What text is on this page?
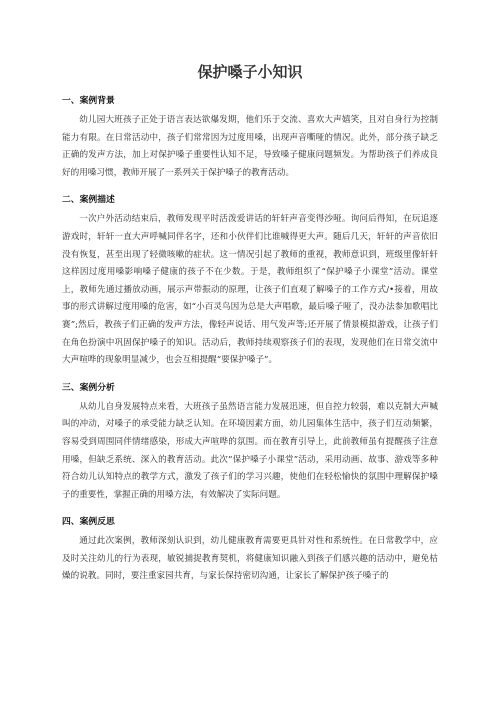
保护嗓子小知识
一、案例背景

幼儿园大班孩子正处于语言表达欲爆发期，他们乐于交流、喜欢大声嬉笑，且对自身行为控制能力有限。在日常活动中，孩子们常常因为过度用嗓，出现声音嘶哑的情况。此外，部分孩子缺乏正确的发声方法，加上对保护嗓子重要性认知不足，导致嗓子健康问题频发。为帮助孩子们养成良好的用嗓习惯，教师开展了一系列关于保护嗓子的教育活动。

二、案例描述

一次户外活动结束后，教师发现平时活泼爱讲话的轩轩声音变得沙哑。询问后得知，在玩追逐游戏时，轩轩一直大声呼喊同伴名字，还和小伙伴们比谁喊得更大声。随后几天，轩轩的声音依旧没有恢复，甚至出现了轻微咳嗽的症状。这一情况引起了教师的重视，教师意识到，班级里像轩轩这样因过度用嗓影响嗓子健康的孩子不在少数。于是，教师组织了“保护嗓子小课堂”活动。课堂上，教师先通过播放动画，展示声带振动的原理，让孩子们直观了解嗓子的工作方式/•接着，用故事的形式讲解过度用嗓的危害，如“小百灵鸟因为总是大声唱歌，最后嗓子哑了，没办法参加歌唱比赛”;然后，教孩子们正确的发声方法，像轻声说话、用气发声等;还开展了情景模拟游戏，让孩子们在角色扮演中巩固保护嗓子的知识。活动后，教师持续观察孩子们的表现，发现他们在日常交流中大声喧哗的现象明显减少，也会互相提醒“要保护嗓子”。

三、案例分析

从幼儿自身发展特点来看，大班孩子虽然语言能力发展迅速，但自控力较弱，难以克制大声喊叫的冲动，对嗓子的承受能力缺乏认知。在环境因素方面，幼儿园集体生活中，孩子们互动频繁，容易受到周围同伴情绪感染，形成大声喧哗的氛围。而在教育引导上，此前教师虽有提醒孩子注意用嗓，但缺乏系统、深入的教育活动。此次“保护嗓子小课堂”活动，采用动画、故事、游戏等多种符合幼儿认知特点的教学方式，激发了孩子们的学习兴趣，使他们在轻松愉快的氛围中理解保护嗓子的重要性，掌握正确的用嗓方法，有效解决了实际问题。

四、案例反思

通过此次案例，教师深刻认识到，幼儿健康教育需要更具针对性和系统性。在日常教学中，应及时关注幼儿的行为表现，敏锐捕捉教育契机，将健康知识融入到孩子们感兴趣的活动中，避免枯燥的说教。同时，要注重家园共育，与家长保持密切沟通，让家长了解保护孩子嗓子的
